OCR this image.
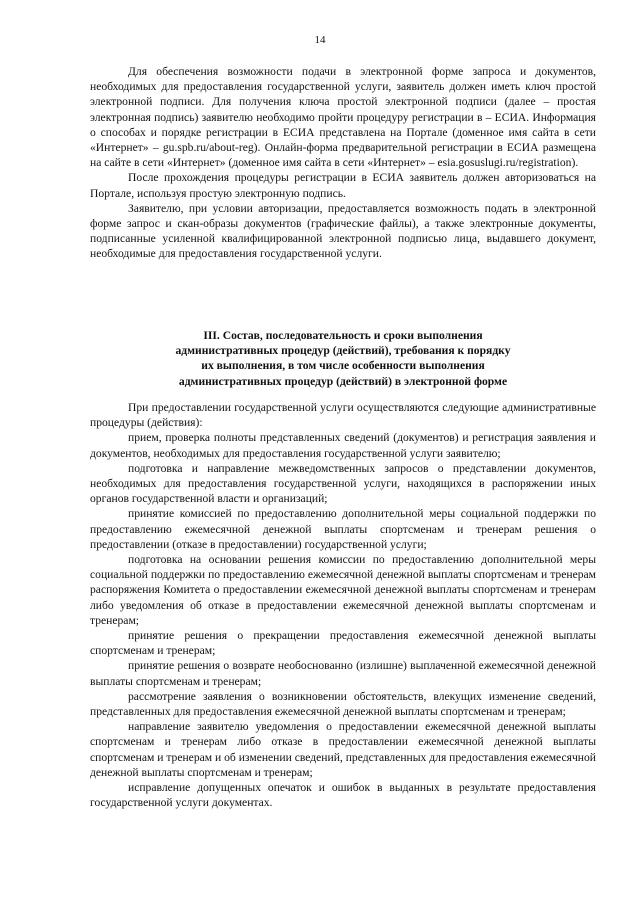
14

Для обеспечения возможности подачи в электронной форме запроса и документов, необходимых для предоставления государственной услуги, заявитель должен иметь ключ простой электронной подписи. Для получения ключа простой электронной подписи (далее – простая электронная подпись) заявителю необходимо пройти процедуру регистрации в – ЕСИА. Информация о способах и порядке регистрации в ЕСИА представлена на Портале (доменное имя сайта в сети «Интернет» – gu.spb.ru/about-reg). Онлайн-форма предварительной регистрации в ЕСИА размещена на сайте в сети «Интернет» (доменное имя сайта в сети «Интернет» – esia.gosuslugi.ru/registration).

После прохождения процедуры регистрации в ЕСИА заявитель должен авторизоваться на Портале, используя простую электронную подпись.

Заявителю, при условии авторизации, предоставляется возможность подать в электронной форме запрос и скан-образы документов (графические файлы), а также электронные документы, подписанные усиленной квалифицированной электронной подписью лица, выдавшего документ, необходимые для предоставления государственной услуги.

III. Состав, последовательность и сроки выполнения
административных процедур (действий), требования к порядку
их выполнения, в том числе особенности выполнения
административных процедур (действий) в электронной форме

При предоставлении государственной услуги осуществляются следующие административные процедуры (действия):

прием, проверка полноты представленных сведений (документов) и регистрация заявления и документов, необходимых для предоставления государственной услуги заявителю;

подготовка и направление межведомственных запросов о представлении документов, необходимых для предоставления государственной услуги, находящихся в распоряжении иных органов государственной власти и организаций;

принятие комиссией по предоставлению дополнительной меры социальной поддержки по предоставлению ежемесячной денежной выплаты спортсменам и тренерам решения о предоставлении (отказе в предоставлении) государственной услуги;

подготовка на основании решения комиссии по предоставлению дополнительной меры социальной поддержки по предоставлению ежемесячной денежной выплаты спортсменам и тренерам распоряжения Комитета о предоставлении ежемесячной денежной выплаты спортсменам и тренерам либо уведомления об отказе в предоставлении ежемесячной денежной выплаты спортсменам и тренерам;

принятие решения о прекращении предоставления ежемесячной денежной выплаты спортсменам и тренерам;

принятие решения о возврате необоснованно (излишне) выплаченной ежемесячной денежной выплаты спортсменам и тренерам;

рассмотрение заявления о возникновении обстоятельств, влекущих изменение сведений, представленных для предоставления ежемесячной денежной выплаты спортсменам и тренерам;

направление заявителю уведомления о предоставлении ежемесячной денежной выплаты спортсменам и тренерам либо отказе в предоставлении ежемесячной денежной выплаты спортсменам и тренерам и об изменении сведений, представленных для предоставления ежемесячной денежной выплаты спортсменам и тренерам;

исправление допущенных опечаток и ошибок в выданных в результате предоставления государственной услуги документах.
